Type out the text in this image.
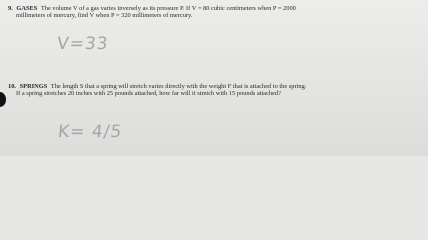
9. GASES The volume V of a gas varies inversely as its pressure P. If V = 80 cubic centimeters when P = 2000
millimeters of mercury, find V when P = 320 millimeters of mercury.
V=33
10. SPRINGS The length S that a spring will stretch varies directly with the weight F that is attached to the spring.
If a spring stretches 20 inches with 25 pounds attached, how far will it stretch with 15 pounds attached?
K= 4/5
